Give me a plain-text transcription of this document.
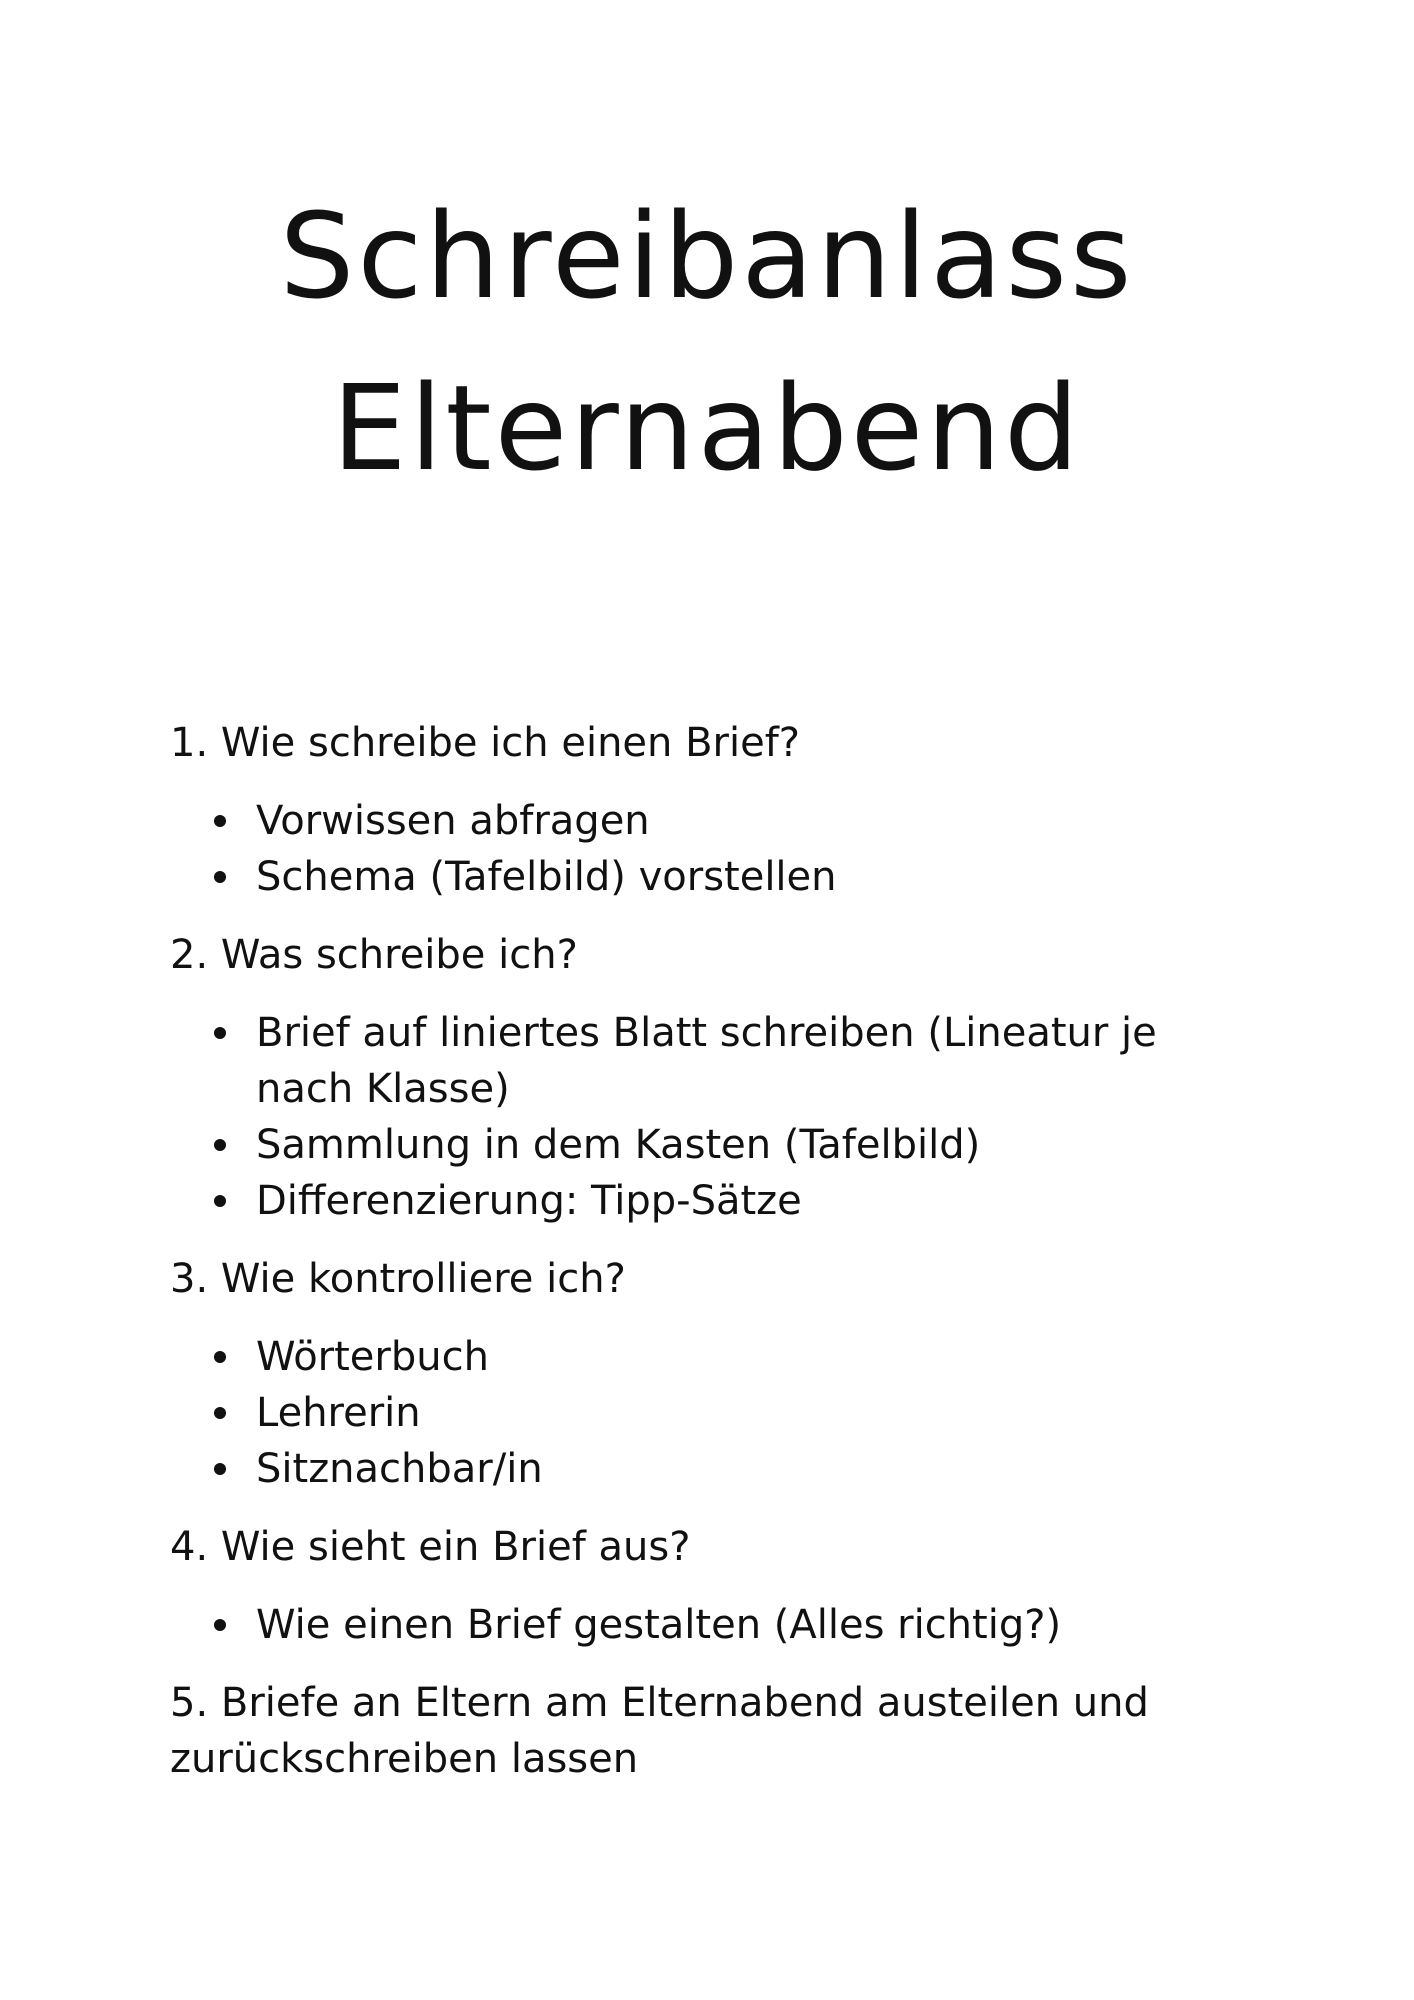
Schreibanlass
Elternabend

1. Wie schreibe ich einen Brief?

Vorwissen abfragen
Schema (Tafelbild) vorstellen

2. Was schreibe ich?

Brief auf liniertes Blatt schreiben (Lineatur je nach Klasse)
Sammlung in dem Kasten (Tafelbild)
Differenzierung: Tipp-Sätze

3. Wie kontrolliere ich?

Wörterbuch
Lehrerin
Sitznachbar/in

4. Wie sieht ein Brief aus?

Wie einen Brief gestalten (Alles richtig?)

5. Briefe an Eltern am Elternabend austeilen und zurückschreiben lassen
